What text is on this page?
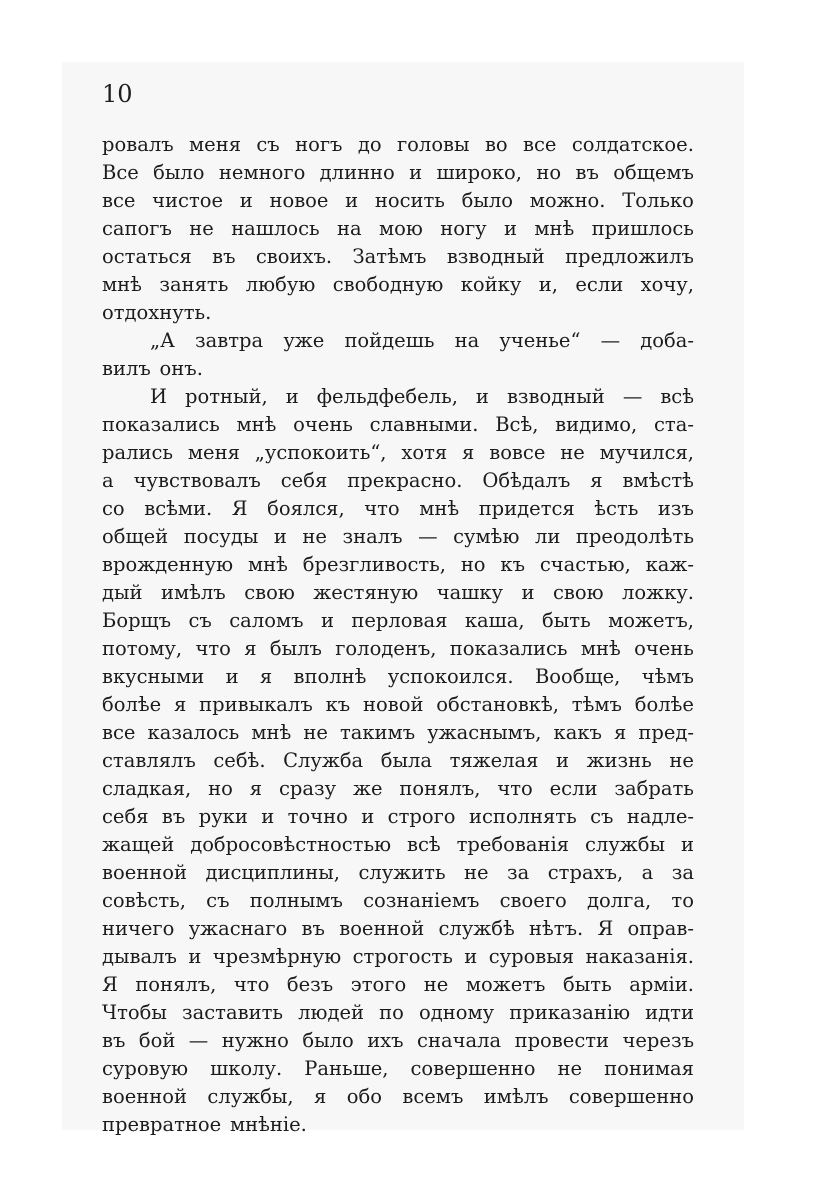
10
ровалъ меня съ ногъ до головы во все солдатское.
Все было немного длинно и широко, но въ общемъ
все чистое и новое и носить было можно. Только
сапогъ не нашлось на мою ногу и мнѣ пришлось
остаться въ своихъ. Затѣмъ взводный предложилъ
мнѣ занять любую свободную койку и, если хочу,
отдохнуть.
„А завтра уже пойдешь на ученье“ — доба-
вилъ онъ.
И ротный, и фельдфебель, и взводный — всѣ
показались мнѣ очень славными. Всѣ, видимо, ста-
рались меня „успокоить“, хотя я вовсе не мучился,
а чувствовалъ себя прекрасно. Обѣдалъ я вмѣстѣ
со всѣми. Я боялся, что мнѣ придется ѣсть изъ
общей посуды и не зналъ — сумѣю ли преодолѣть
врожденную мнѣ брезгливость, но къ счастью, каж-
дый имѣлъ свою жестяную чашку и свою ложку.
Борщъ съ саломъ и перловая каша, быть можетъ,
потому, что я былъ голоденъ, показались мнѣ очень
вкусными и я вполнѣ успокоился. Вообще, чѣмъ
болѣе я привыкалъ къ новой обстановкѣ, тѣмъ болѣе
все казалось мнѣ не такимъ ужаснымъ, какъ я пред-
ставлялъ себѣ. Служба была тяжелая и жизнь не
сладкая, но я сразу же понялъ, что если забрать
себя въ руки и точно и строго исполнять съ надле-
жащей добросовѣстностью всѣ требованія службы и
военной дисциплины, служить не за страхъ, а за
совѣсть, съ полнымъ сознаніемъ своего долга, то
ничего ужаснаго въ военной службѣ нѣтъ. Я оправ-
дывалъ и чрезмѣрную строгость и суровыя наказанія.
Я понялъ, что безъ этого не можетъ быть арміи.
Чтобы заставить людей по одному приказанію идти
въ бой — нужно было ихъ сначала провести черезъ
суровую школу. Раньше, совершенно не понимая
военной службы, я обо всемъ имѣлъ совершенно
превратное мнѣніе.
